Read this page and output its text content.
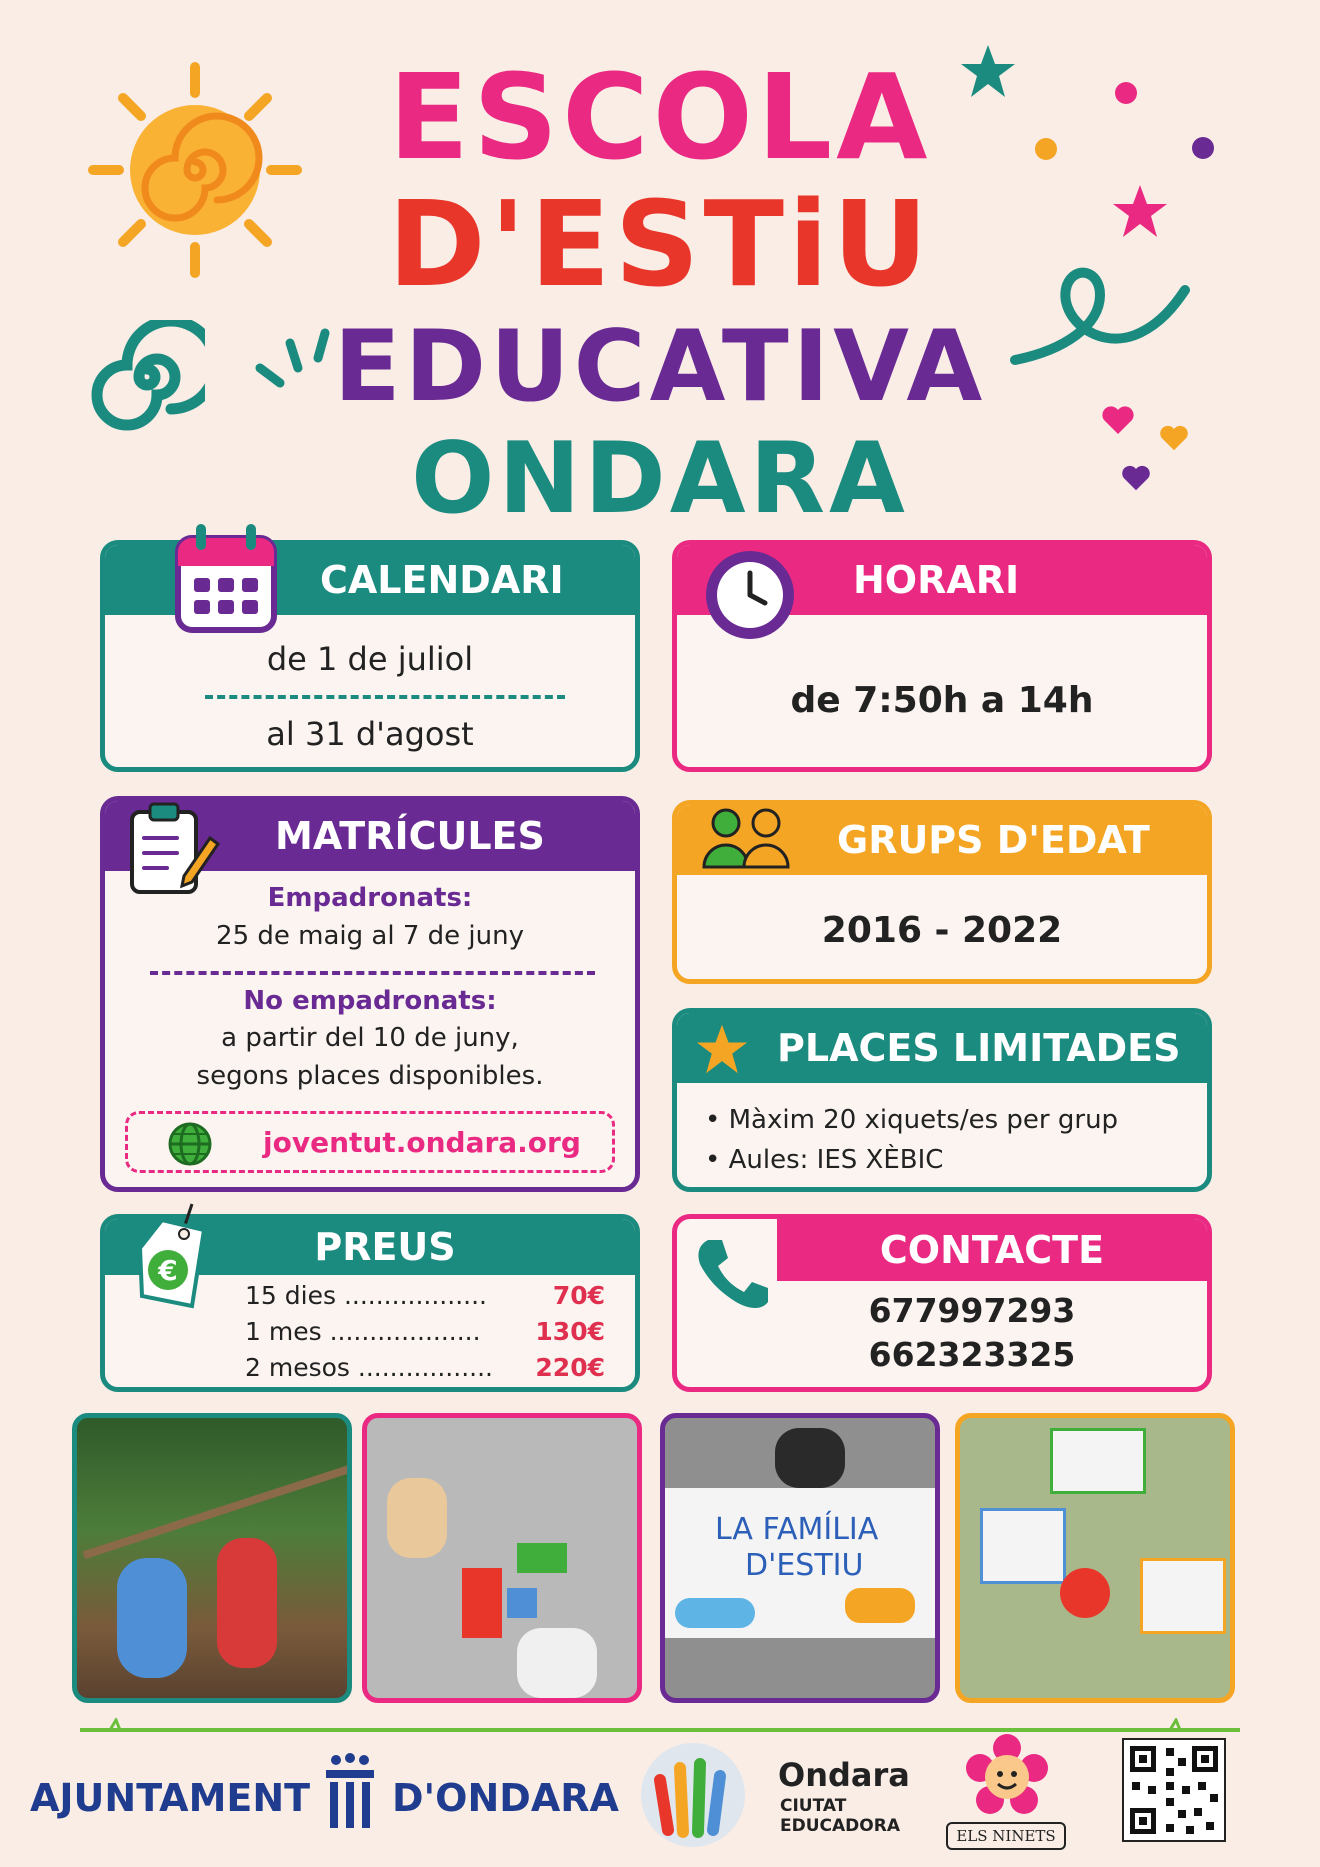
ESCOLA
D'ESTiU
EDUCATIVA
ONDARA
CALENDARI
de 1 de juliol
al 31 d'agost
HORARI
de 7:50h a 14h
MATRÍCULES
Empadronats:
25 de maig al 7 de juny
No empadronats:
a partir del 10 de juny,
segons places disponibles.
joventut.ondara.org
GRUPS D'EDAT
2016 - 2022
PLACES LIMITADES
• Màxim 20 xiquets/es per grup
• Aules: IES XÈBIC
PREUS
15 dies ..................	70€
1 mes ................... 130€
2 mesos ................. 220€
€	CONTACTE
677997293
662323325
LA FAMÍLIA
D'ESTIU
AJUNTAMENT D'ONDARA
Ondara
CIUTAT
EDUCADORA	ELS NINETS
